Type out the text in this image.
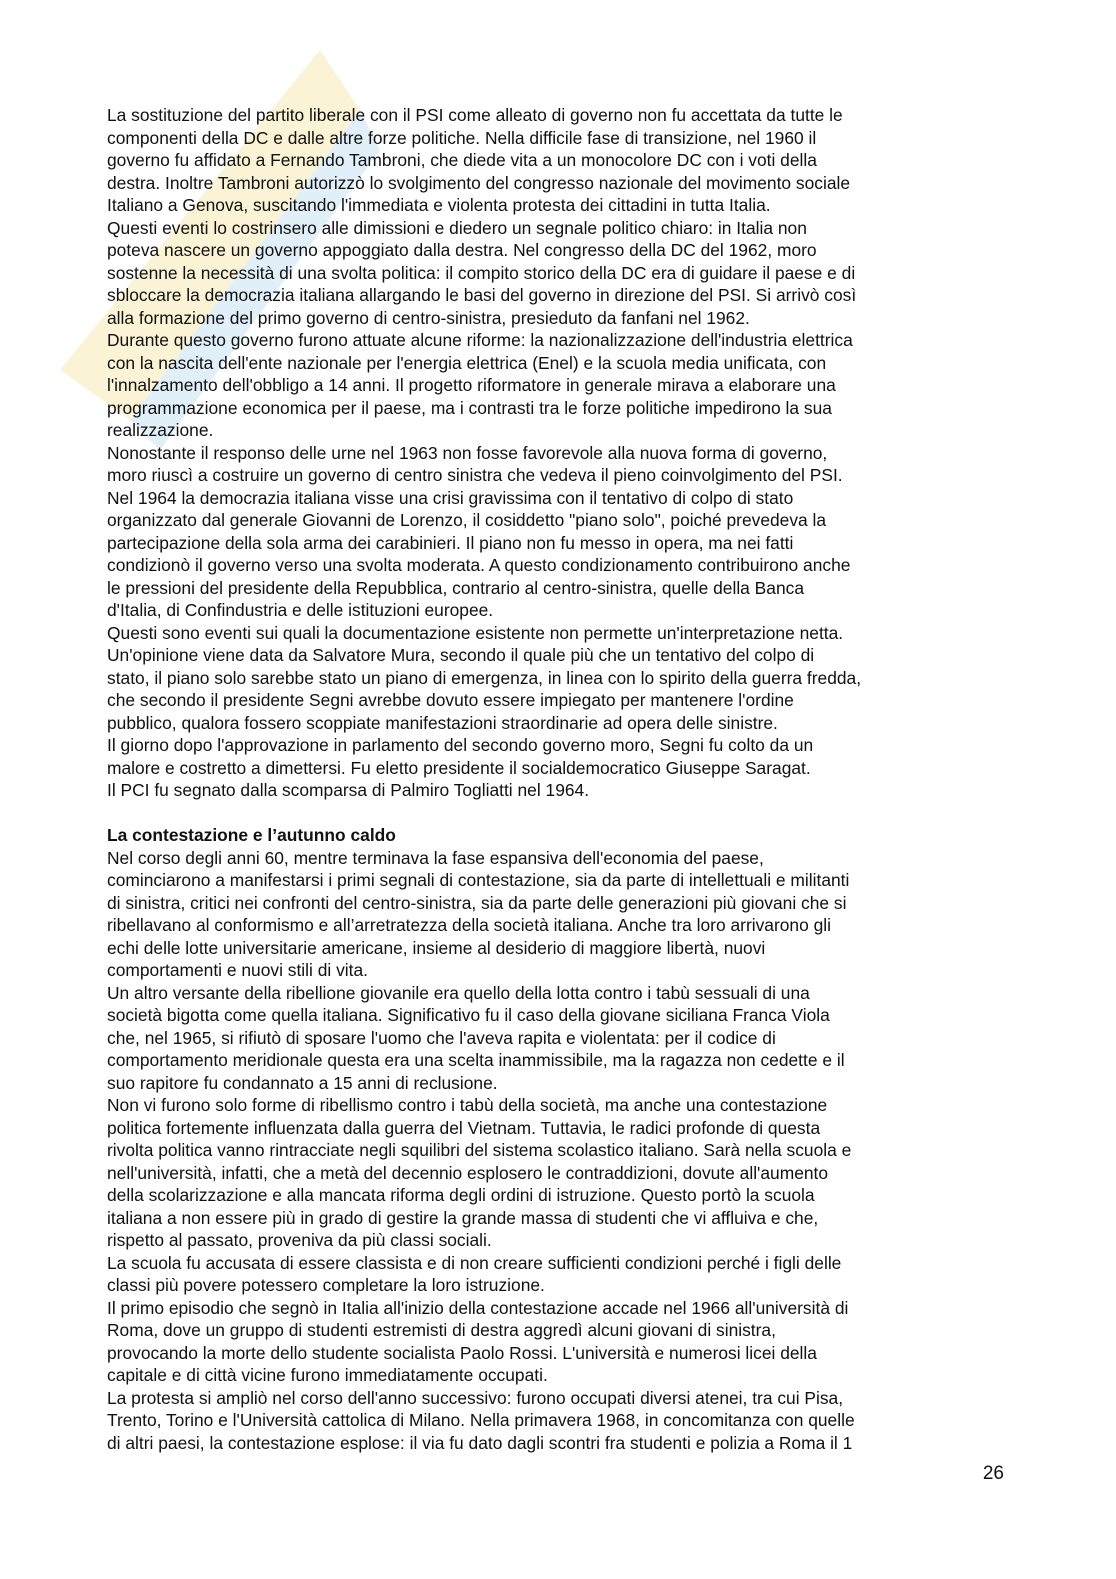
La sostituzione del partito liberale con il PSI come alleato di governo non fu accettata da tutte le
componenti della DC e dalle altre forze politiche. Nella difficile fase di transizione, nel 1960 il
governo fu affidato a Fernando Tambroni, che diede vita a un monocolore DC con i voti della
destra. Inoltre Tambroni autorizzò lo svolgimento del congresso nazionale del movimento sociale
Italiano a Genova, suscitando l'immediata e violenta protesta dei cittadini in tutta Italia.

Questi eventi lo costrinsero alle dimissioni e diedero un segnale politico chiaro: in Italia non
poteva nascere un governo appoggiato dalla destra. Nel congresso della DC del 1962, moro
sostenne la necessità di una svolta politica: il compito storico della DC era di guidare il paese e di
sbloccare la democrazia italiana allargando le basi del governo in direzione del PSI. Si arrivò così
alla formazione del primo governo di centro-sinistra, presieduto da fanfani nel 1962.

Durante questo governo furono attuate alcune riforme: la nazionalizzazione dell'industria elettrica
con la nascita dell'ente nazionale per l'energia elettrica (Enel) e la scuola media unificata, con
l'innalzamento dell'obbligo a 14 anni. Il progetto riformatore in generale mirava a elaborare una
programmazione economica per il paese, ma i contrasti tra le forze politiche impedirono la sua
realizzazione.

Nonostante il responso delle urne nel 1963 non fosse favorevole alla nuova forma di governo,
moro riuscì a costruire un governo di centro sinistra che vedeva il pieno coinvolgimento del PSI.

Nel 1964 la democrazia italiana visse una crisi gravissima con il tentativo di colpo di stato
organizzato dal generale Giovanni de Lorenzo, il cosiddetto "piano solo", poiché prevedeva la
partecipazione della sola arma dei carabinieri. Il piano non fu messo in opera, ma nei fatti
condizionò il governo verso una svolta moderata. A questo condizionamento contribuirono anche
le pressioni del presidente della Repubblica, contrario al centro-sinistra, quelle della Banca
d'Italia, di Confindustria e delle istituzioni europee.

Questi sono eventi sui quali la documentazione esistente non permette un'interpretazione netta.
Un'opinione viene data da Salvatore Mura, secondo il quale più che un tentativo del colpo di
stato, il piano solo sarebbe stato un piano di emergenza, in linea con lo spirito della guerra fredda,
che secondo il presidente Segni avrebbe dovuto essere impiegato per mantenere l'ordine
pubblico, qualora fossero scoppiate manifestazioni straordinarie ad opera delle sinistre.

Il giorno dopo l'approvazione in parlamento del secondo governo moro, Segni fu colto da un
malore e costretto a dimettersi. Fu eletto presidente il socialdemocratico Giuseppe Saragat.

Il PCI fu segnato dalla scomparsa di Palmiro Togliatti nel 1964.

La contestazione e l’autunno caldo

Nel corso degli anni 60, mentre terminava la fase espansiva dell'economia del paese,
cominciarono a manifestarsi i primi segnali di contestazione, sia da parte di intellettuali e militanti
di sinistra, critici nei confronti del centro-sinistra, sia da parte delle generazioni più giovani che si
ribellavano al conformismo e all’arretratezza della società italiana. Anche tra loro arrivarono gli
echi delle lotte universitarie americane, insieme al desiderio di maggiore libertà, nuovi
comportamenti e nuovi stili di vita.

Un altro versante della ribellione giovanile era quello della lotta contro i tabù sessuali di una
società bigotta come quella italiana. Significativo fu il caso della giovane siciliana Franca Viola
che, nel 1965, si rifiutò di sposare l'uomo che l'aveva rapita e violentata: per il codice di
comportamento meridionale questa era una scelta inammissibile, ma la ragazza non cedette e il
suo rapitore fu condannato a 15 anni di reclusione.

Non vi furono solo forme di ribellismo contro i tabù della società, ma anche una contestazione
politica fortemente influenzata dalla guerra del Vietnam. Tuttavia, le radici profonde di questa
rivolta politica vanno rintracciate negli squilibri del sistema scolastico italiano. Sarà nella scuola e
nell'università, infatti, che a metà del decennio esplosero le contraddizioni, dovute all'aumento
della scolarizzazione e alla mancata riforma degli ordini di istruzione. Questo portò la scuola
italiana a non essere più in grado di gestire la grande massa di studenti che vi affluiva e che,
rispetto al passato, proveniva da più classi sociali.

La scuola fu accusata di essere classista e di non creare sufficienti condizioni perché i figli delle
classi più povere potessero completare la loro istruzione.

Il primo episodio che segnò in Italia all'inizio della contestazione accade nel 1966 all'università di
Roma, dove un gruppo di studenti estremisti di destra aggredì alcuni giovani di sinistra,
provocando la morte dello studente socialista Paolo Rossi. L'università e numerosi licei della
capitale e di città vicine furono immediatamente occupati.

La protesta si ampliò nel corso dell'anno successivo: furono occupati diversi atenei, tra cui Pisa,
Trento, Torino e l'Università cattolica di Milano. Nella primavera 1968, in concomitanza con quelle
di altri paesi, la contestazione esplose: il via fu dato dagli scontri fra studenti e polizia a Roma il 1

26
